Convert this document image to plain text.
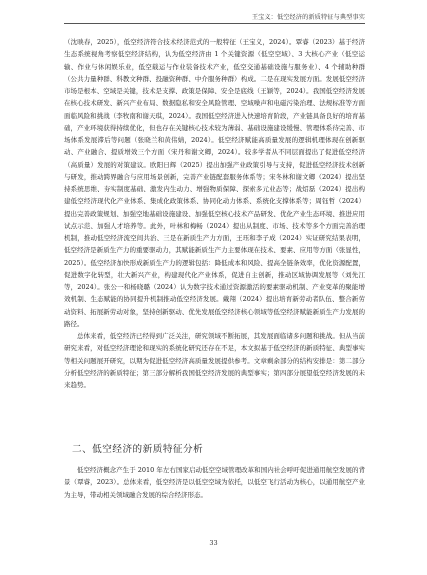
王宝义：低空经济的新质特征与典型事实

（沈映春，2025），低空经济符合技术经济范式的一般特征（王宝义，2024）。覃睿（2023）基于经济生态系统视角考察低空经济结构，认为低空经济由 1 个关键资源（低空空域）、3 大核心产业（低空运输、作业与休闲娱乐业，低空载运与作业装备技术产业，低空交通基础设施与服务业）、4 个辅助种群（公共力量种群、科教文种群、投融资种群、中介服务种群）构成。二是在现实发展方面。发展低空经济市场是根本、空域是关键，技术是支撑、政策是保障、安全是底线（王颖等，2024）。我国低空经济发展在核心技术研发、新兴产业布局、数据隐私和安全风险管理、空域噪声和电磁污染治理、法规标准等方面面临风险和挑战（李牧南和谢天琪，2024）。我国低空经济进入快速培育阶段，产业链具备良好的培育基础，产业环境获得持续优化，但也存在关键核心技术较为薄弱、基础设施建设缓慢、管理体系待完善、市场体系发展滞后等问题（张晓兰和黄伟婧，2024）。低空经济赋能高质量发展的逻辑机理体现在创新驱动、产业融合、提质增效三个方面（宋丹和谢文卿，2024）。较多学者从不同层面提出了促进低空经济（高质量）发展的对策建议。欧阳日辉（2025）提出加强产业政策引导与支持，促进低空经济技术创新与研发，推动跨界融合与应用场景创新，完善产业链配套服务体系等；宋冬林和谢文卿（2024）提出坚持系统思维、夯实制度基础、激发内生动力、增强物质保障、探索多元业态等；战炤磊（2024）提出构建低空经济现代化产业体系、集成化政策体系、协同化动力体系、系统化支撑体系等；周钰哲（2024）提出完善政策规划、加强空地基础设施建设、加强低空核心技术产品研发、优化产业生态环境、推进应用试点示范、加强人才培养等。此外，叶林和梅畅（2024）提出从制度、市场、技术等多个方面完善治理机制，推动低空经济流空间共治、三是在新质生产力方面，王珏和李子成（2024）实证研究结果表明，低空经济是新质生产力的重要驱动力，其赋能新质生产力主要体现在技术、要素、应用等方面（张显性，2025）。低空经济加快形成新质生产力的逻辑包括：降低成本和风险、提高全链条效率，优化资源配置，促进数字化转型，壮大新兴产业，构建现代化产业体系，促进自主创新，推动区域协调发展等（刘先江等，2024）。张公一和杨晓璐（2024）认为数字技术通过资源激活的要素驱动机制、产业变革的聚能增效机制、生态赋能的协同提升机制推动低空经济发展。戴翔（2024）提出培育新劳动者队伍、整合新劳动资料、拓展新劳动对象，坚持创新驱动、优先发展低空经济核心领域等低空经济赋能新质生产力发展的路径。

总体来看，低空经济已经得到广泛关注，研究领域不断拓展，其发展面临诸多问题和挑战。但从当前研究来看，对低空经济理论和现实的系统化研究还存在不足，本文拟基于低空经济的新质特征、典型事实等相关问题展开研究，以期为促进低空经济高质量发展提供参考。文章剩余部分的结构安排是：第二部分分析低空经济的新质特征；第三部分解析我国低空经济发展的典型事实；第四部分展望低空经济发展的未来趋势。

二、低空经济的新质特征分析

低空经济概念产生于 2010 年左右国家启动低空空域管理改革和国内社会呼吁促进通用航空发展的背景（覃睿，2023）。总体来看，低空经济是以低空空域为依托，以低空飞行活动为核心，以通用航空产业为主导，带动相关领域融合发展的综合经济形态。

33
